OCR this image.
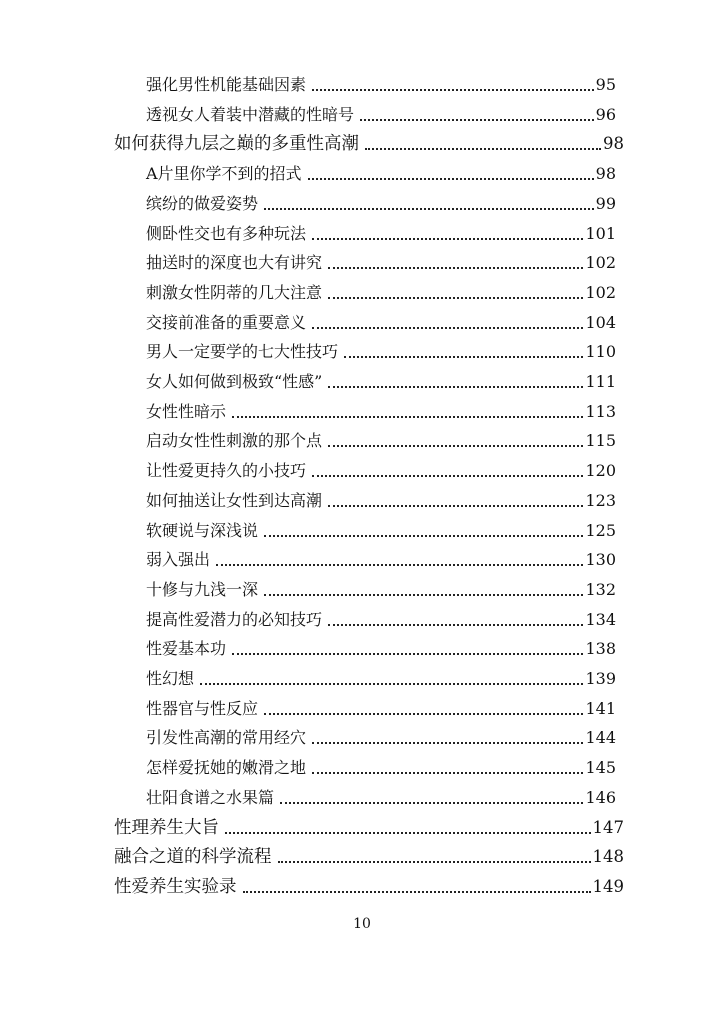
强化男性机能基础因素	95
透视女人着装中潜藏的性暗号	96
如何获得九层之巅的多重性高潮	98
A片里你学不到的招式	98
缤纷的做爱姿势	99
侧卧性交也有多种玩法	101
抽送时的深度也大有讲究	102
刺激女性阴蒂的几大注意	102
交接前准备的重要意义	104
男人一定要学的七大性技巧	110
女人如何做到极致“性感”	111
女性性暗示	113
启动女性性刺激的那个点	115
让性爱更持久的小技巧	120
如何抽送让女性到达高潮	123
软硬说与深浅说	125
弱入强出	130
十修与九浅一深	132
提高性爱潜力的必知技巧	134
性爱基本功	138
性幻想	139
性器官与性反应	141
引发性高潮的常用经穴	144
怎样爱抚她的嫩滑之地	145
壮阳食谱之水果篇	146
性理养生大旨	147
融合之道的科学流程	148
性爱养生实验录	149
10
